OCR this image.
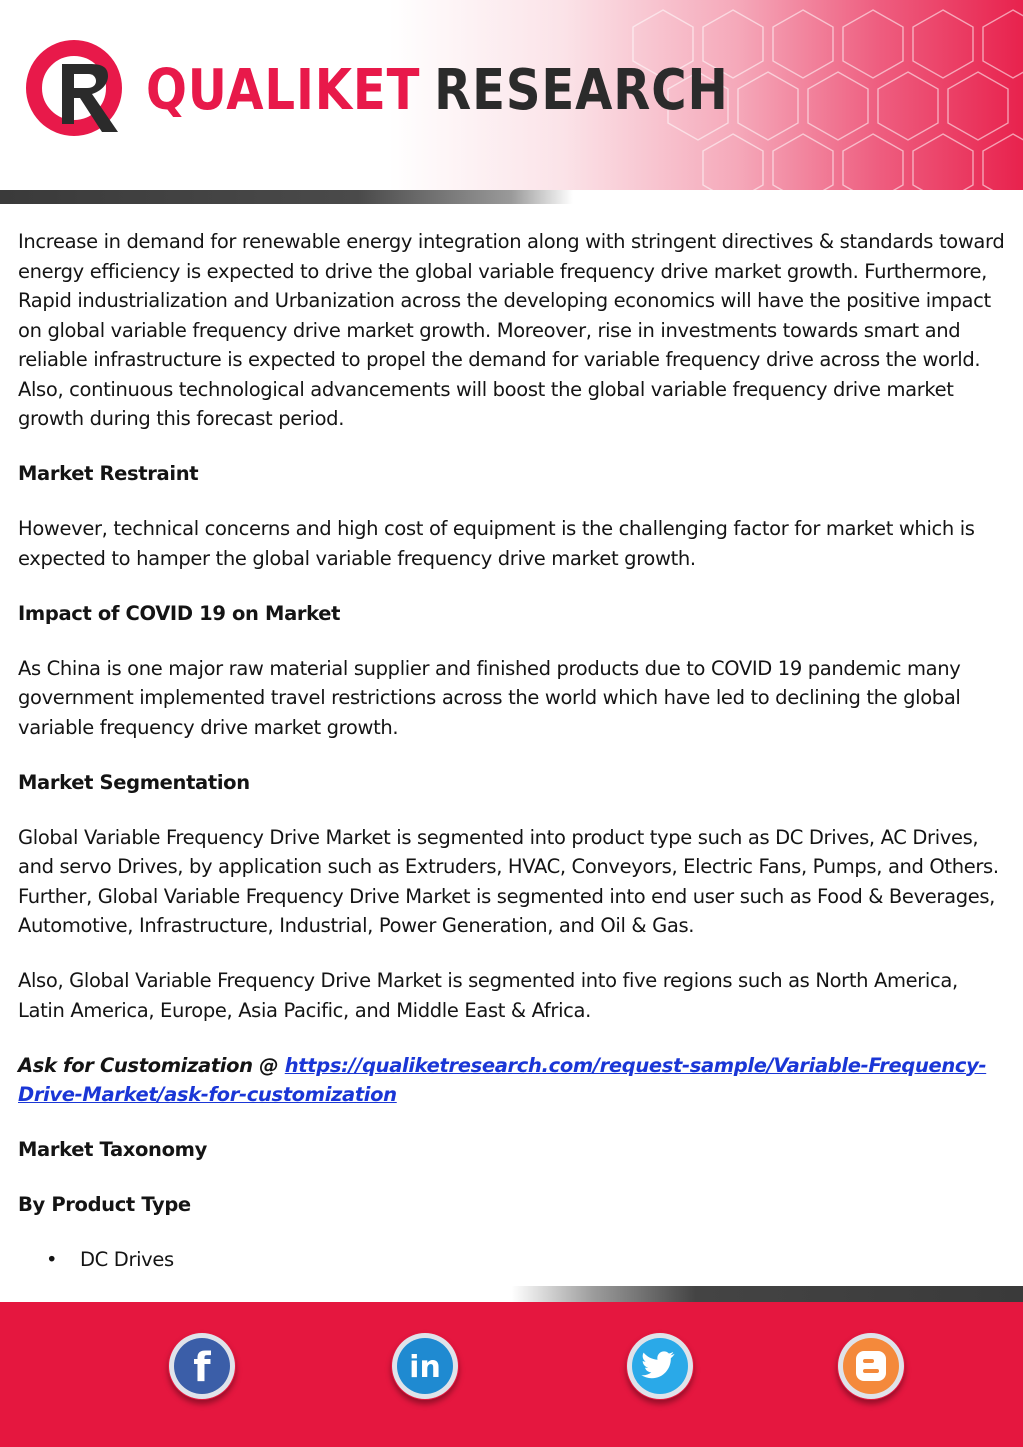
QUALIKET RESEARCH

Increase in demand for renewable energy integration along with stringent directives & standards toward energy efficiency is expected to drive the global variable frequency drive market growth. Furthermore, Rapid industrialization and Urbanization across the developing economics will have the positive impact on global variable frequency drive market growth. Moreover, rise in investments towards smart and reliable infrastructure is expected to propel the demand for variable frequency drive across the world. Also, continuous technological advancements will boost the global variable frequency drive market growth during this forecast period.

Market Restraint

However, technical concerns and high cost of equipment is the challenging factor for market which is expected to hamper the global variable frequency drive market growth.

Impact of COVID 19 on Market

As China is one major raw material supplier and finished products due to COVID 19 pandemic many government implemented travel restrictions across the world which have led to declining the global variable frequency drive market growth.

Market Segmentation

Global Variable Frequency Drive Market is segmented into product type such as DC Drives, AC Drives, and servo Drives, by application such as Extruders, HVAC, Conveyors, Electric Fans, Pumps, and Others. Further, Global Variable Frequency Drive Market is segmented into end user such as Food & Beverages, Automotive, Infrastructure, Industrial, Power Generation, and Oil & Gas.

Also, Global Variable Frequency Drive Market is segmented into five regions such as North America, Latin America, Europe, Asia Pacific, and Middle East & Africa.

Ask for Customization @ https://qualiketresearch.com/request-sample/Variable-Frequency-Drive-Market/ask-for-customization

Market Taxonomy
By Product Type
• DC Drives
f	in
